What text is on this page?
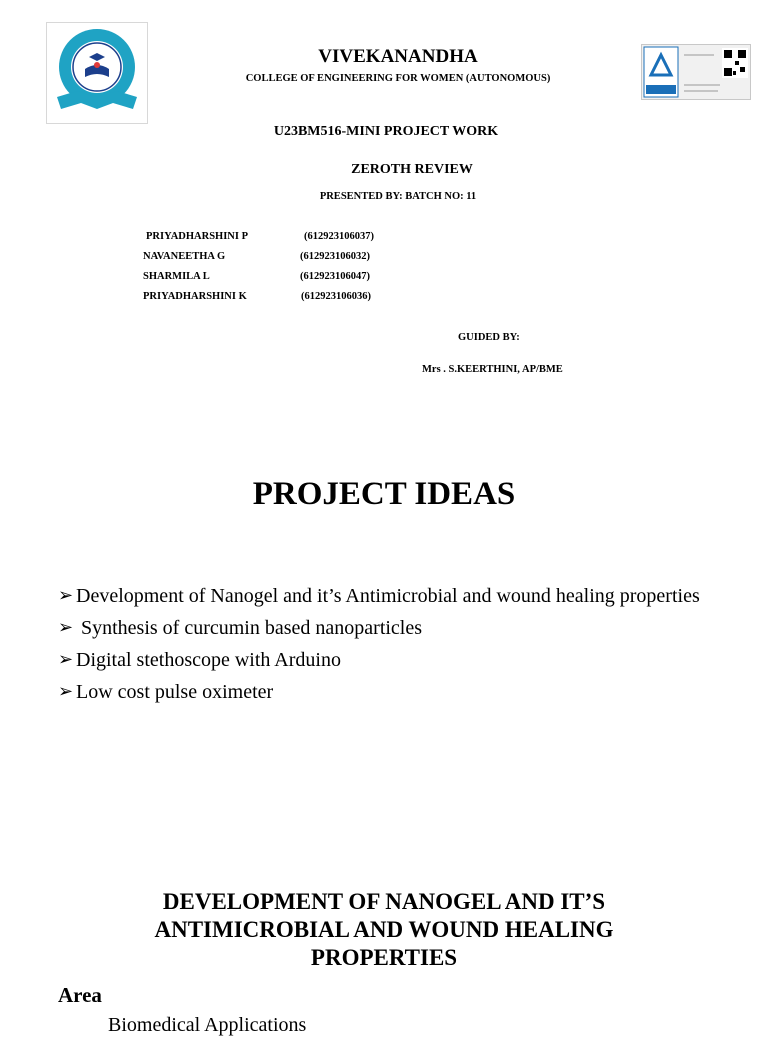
VIVEKANANDHA
COLLEGE OF ENGINEERING FOR WOMEN (AUTONOMOUS)
U23BM516-MINI PROJECT WORK
ZEROTH REVIEW
PRESENTED BY: BATCH NO: 11
PRIYADHARSHINI P	(612923106037)
NAVANEETHA G	(612923106032)
SHARMILA L	(612923106047)
PRIYADHARSHINI K	(612923106036)
GUIDED BY:
Mrs . S.KEERTHINI, AP/BME
PROJECT IDEAS
➢ Development of Nanogel and it’s Antimicrobial and wound healing properties
➢ Synthesis of curcumin based nanoparticles
➢ Digital stethoscope with Arduino
➢ Low cost pulse oximeter
DEVELOPMENT OF NANOGEL AND IT’S ANTIMICROBIAL AND WOUND HEALING PROPERTIES
Area
Biomedical Applications
